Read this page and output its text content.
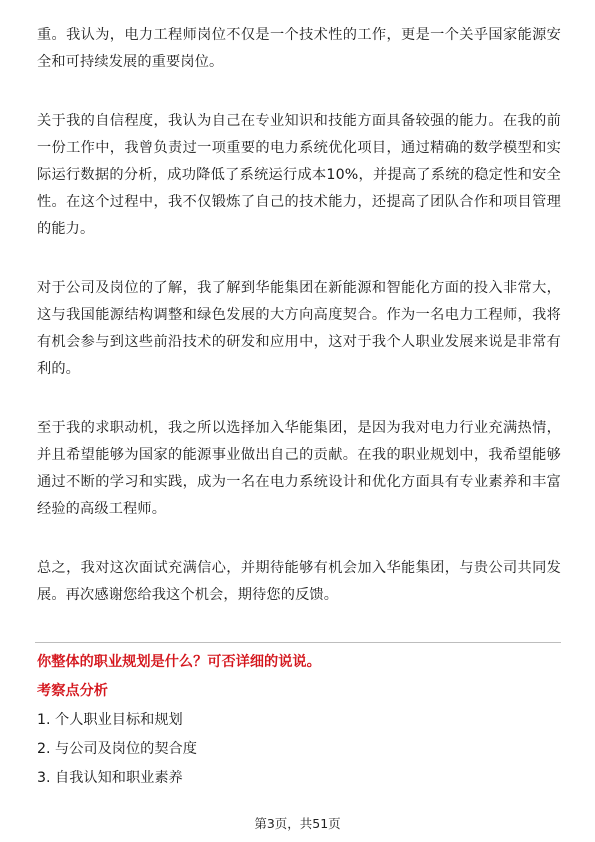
重。我认为，电力工程师岗位不仅是一个技术性的工作，更是一个关乎国家能源安全和可持续发展的重要岗位。

关于我的自信程度，我认为自己在专业知识和技能方面具备较强的能力。在我的前一份工作中，我曾负责过一项重要的电力系统优化项目，通过精确的数学模型和实际运行数据的分析，成功降低了系统运行成本10%，并提高了系统的稳定性和安全性。在这个过程中，我不仅锻炼了自己的技术能力，还提高了团队合作和项目管理的能力。

对于公司及岗位的了解，我了解到华能集团在新能源和智能化方面的投入非常大，这与我国能源结构调整和绿色发展的大方向高度契合。作为一名电力工程师，我将有机会参与到这些前沿技术的研发和应用中，这对于我个人职业发展来说是非常有利的。

至于我的求职动机，我之所以选择加入华能集团，是因为我对电力行业充满热情，并且希望能够为国家的能源事业做出自己的贡献。在我的职业规划中，我希望能够通过不断的学习和实践，成为一名在电力系统设计和优化方面具有专业素养和丰富经验的高级工程师。

总之，我对这次面试充满信心，并期待能够有机会加入华能集团，与贵公司共同发展。再次感谢您给我这个机会，期待您的反馈。

你整体的职业规划是什么？可否详细的说说。

考察点分析

1. 个人职业目标和规划
2. 与公司及岗位的契合度
3. 自我认知和职业素养

第3页，共51页
